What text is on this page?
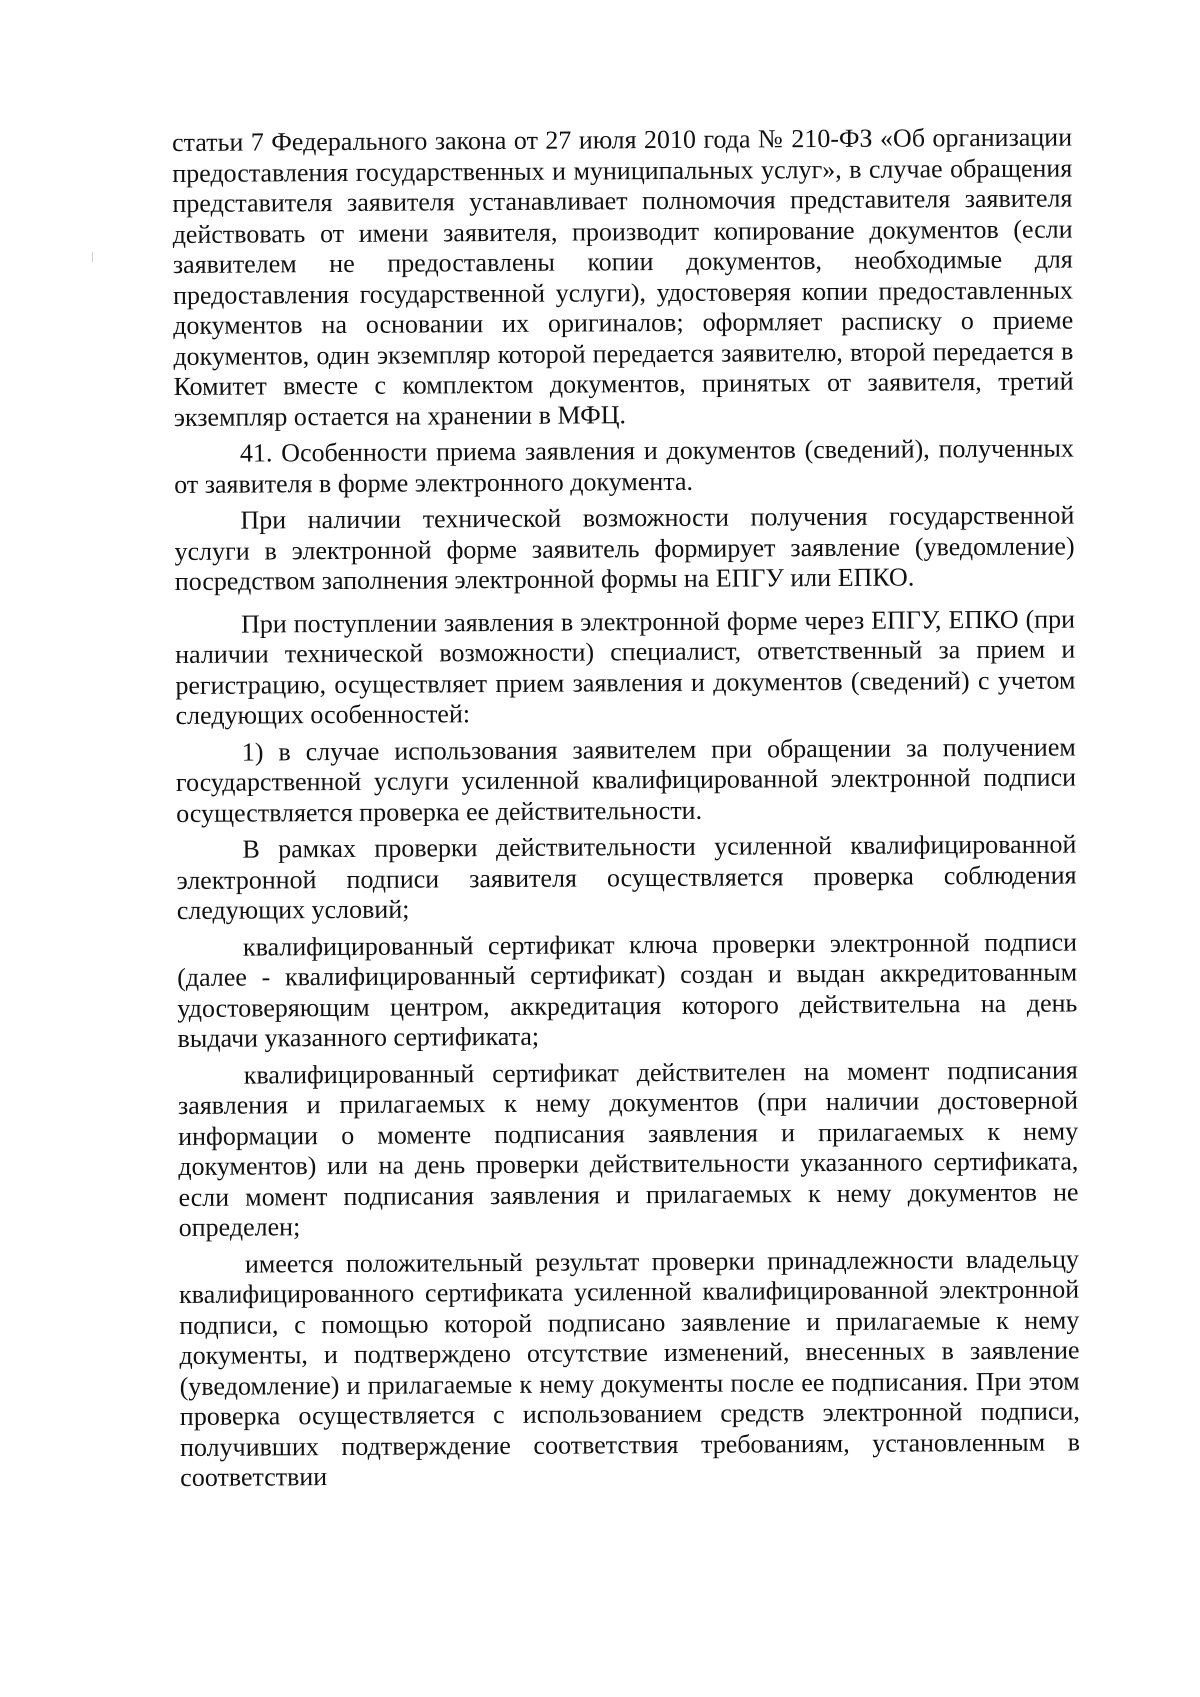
статьи 7 Федерального закона от 27 июля 2010 года № 210-ФЗ «Об организации предоставления государственных и муниципальных услуг», в случае обращения представителя заявителя устанавливает полномочия представителя заявителя действовать от имени заявителя, производит копирование документов (если заявителем не предоставлены копии документов, необходимые для предоставления государственной услуги), удостоверяя копии предоставленных документов на основании их оригиналов; оформляет расписку о приеме документов, один экземпляр которой передается заявителю, второй передается в Комитет вместе с комплектом документов, принятых от заявителя, третий экземпляр остается на хранении в МФЦ.

41. Особенности приема заявления и документов (сведений), полученных от заявителя в форме электронного документа.

При наличии технической возможности получения государственной услуги в электронной форме заявитель формирует заявление (уведомление) посредством заполнения электронной формы на ЕПГУ или ЕПКО.

При поступлении заявления в электронной форме через ЕПГУ, ЕПКО (при наличии технической возможности) специалист, ответственный за прием и регистрацию, осуществляет прием заявления и документов (сведений) с учетом следующих особенностей:

1) в случае использования заявителем при обращении за получением государственной услуги усиленной квалифицированной электронной подписи осуществляется проверка ее действительности.

В рамках проверки действительности усиленной квалифицированной электронной подписи заявителя осуществляется проверка соблюдения следующих условий;

квалифицированный сертификат ключа проверки электронной подписи (далее - квалифицированный сертификат) создан и выдан аккредитованным удостоверяющим центром, аккредитация которого действительна на день выдачи указанного сертификата;

квалифицированный сертификат действителен на момент подписания заявления и прилагаемых к нему документов (при наличии достоверной информации о моменте подписания заявления и прилагаемых к нему документов) или на день проверки действительности указанного сертификата, если момент подписания заявления и прилагаемых к нему документов не определен;

имеется положительный результат проверки принадлежности владельцу квалифицированного сертификата усиленной квалифицированной электронной подписи, с помощью которой подписано заявление и прилагаемые к нему документы, и подтверждено отсутствие изменений, внесенных в заявление (уведомление) и прилагаемые к нему документы после ее подписания. При этом проверка осуществляется с использованием средств электронной подписи, получивших подтверждение соответствия требованиям, установленным в соответствии
